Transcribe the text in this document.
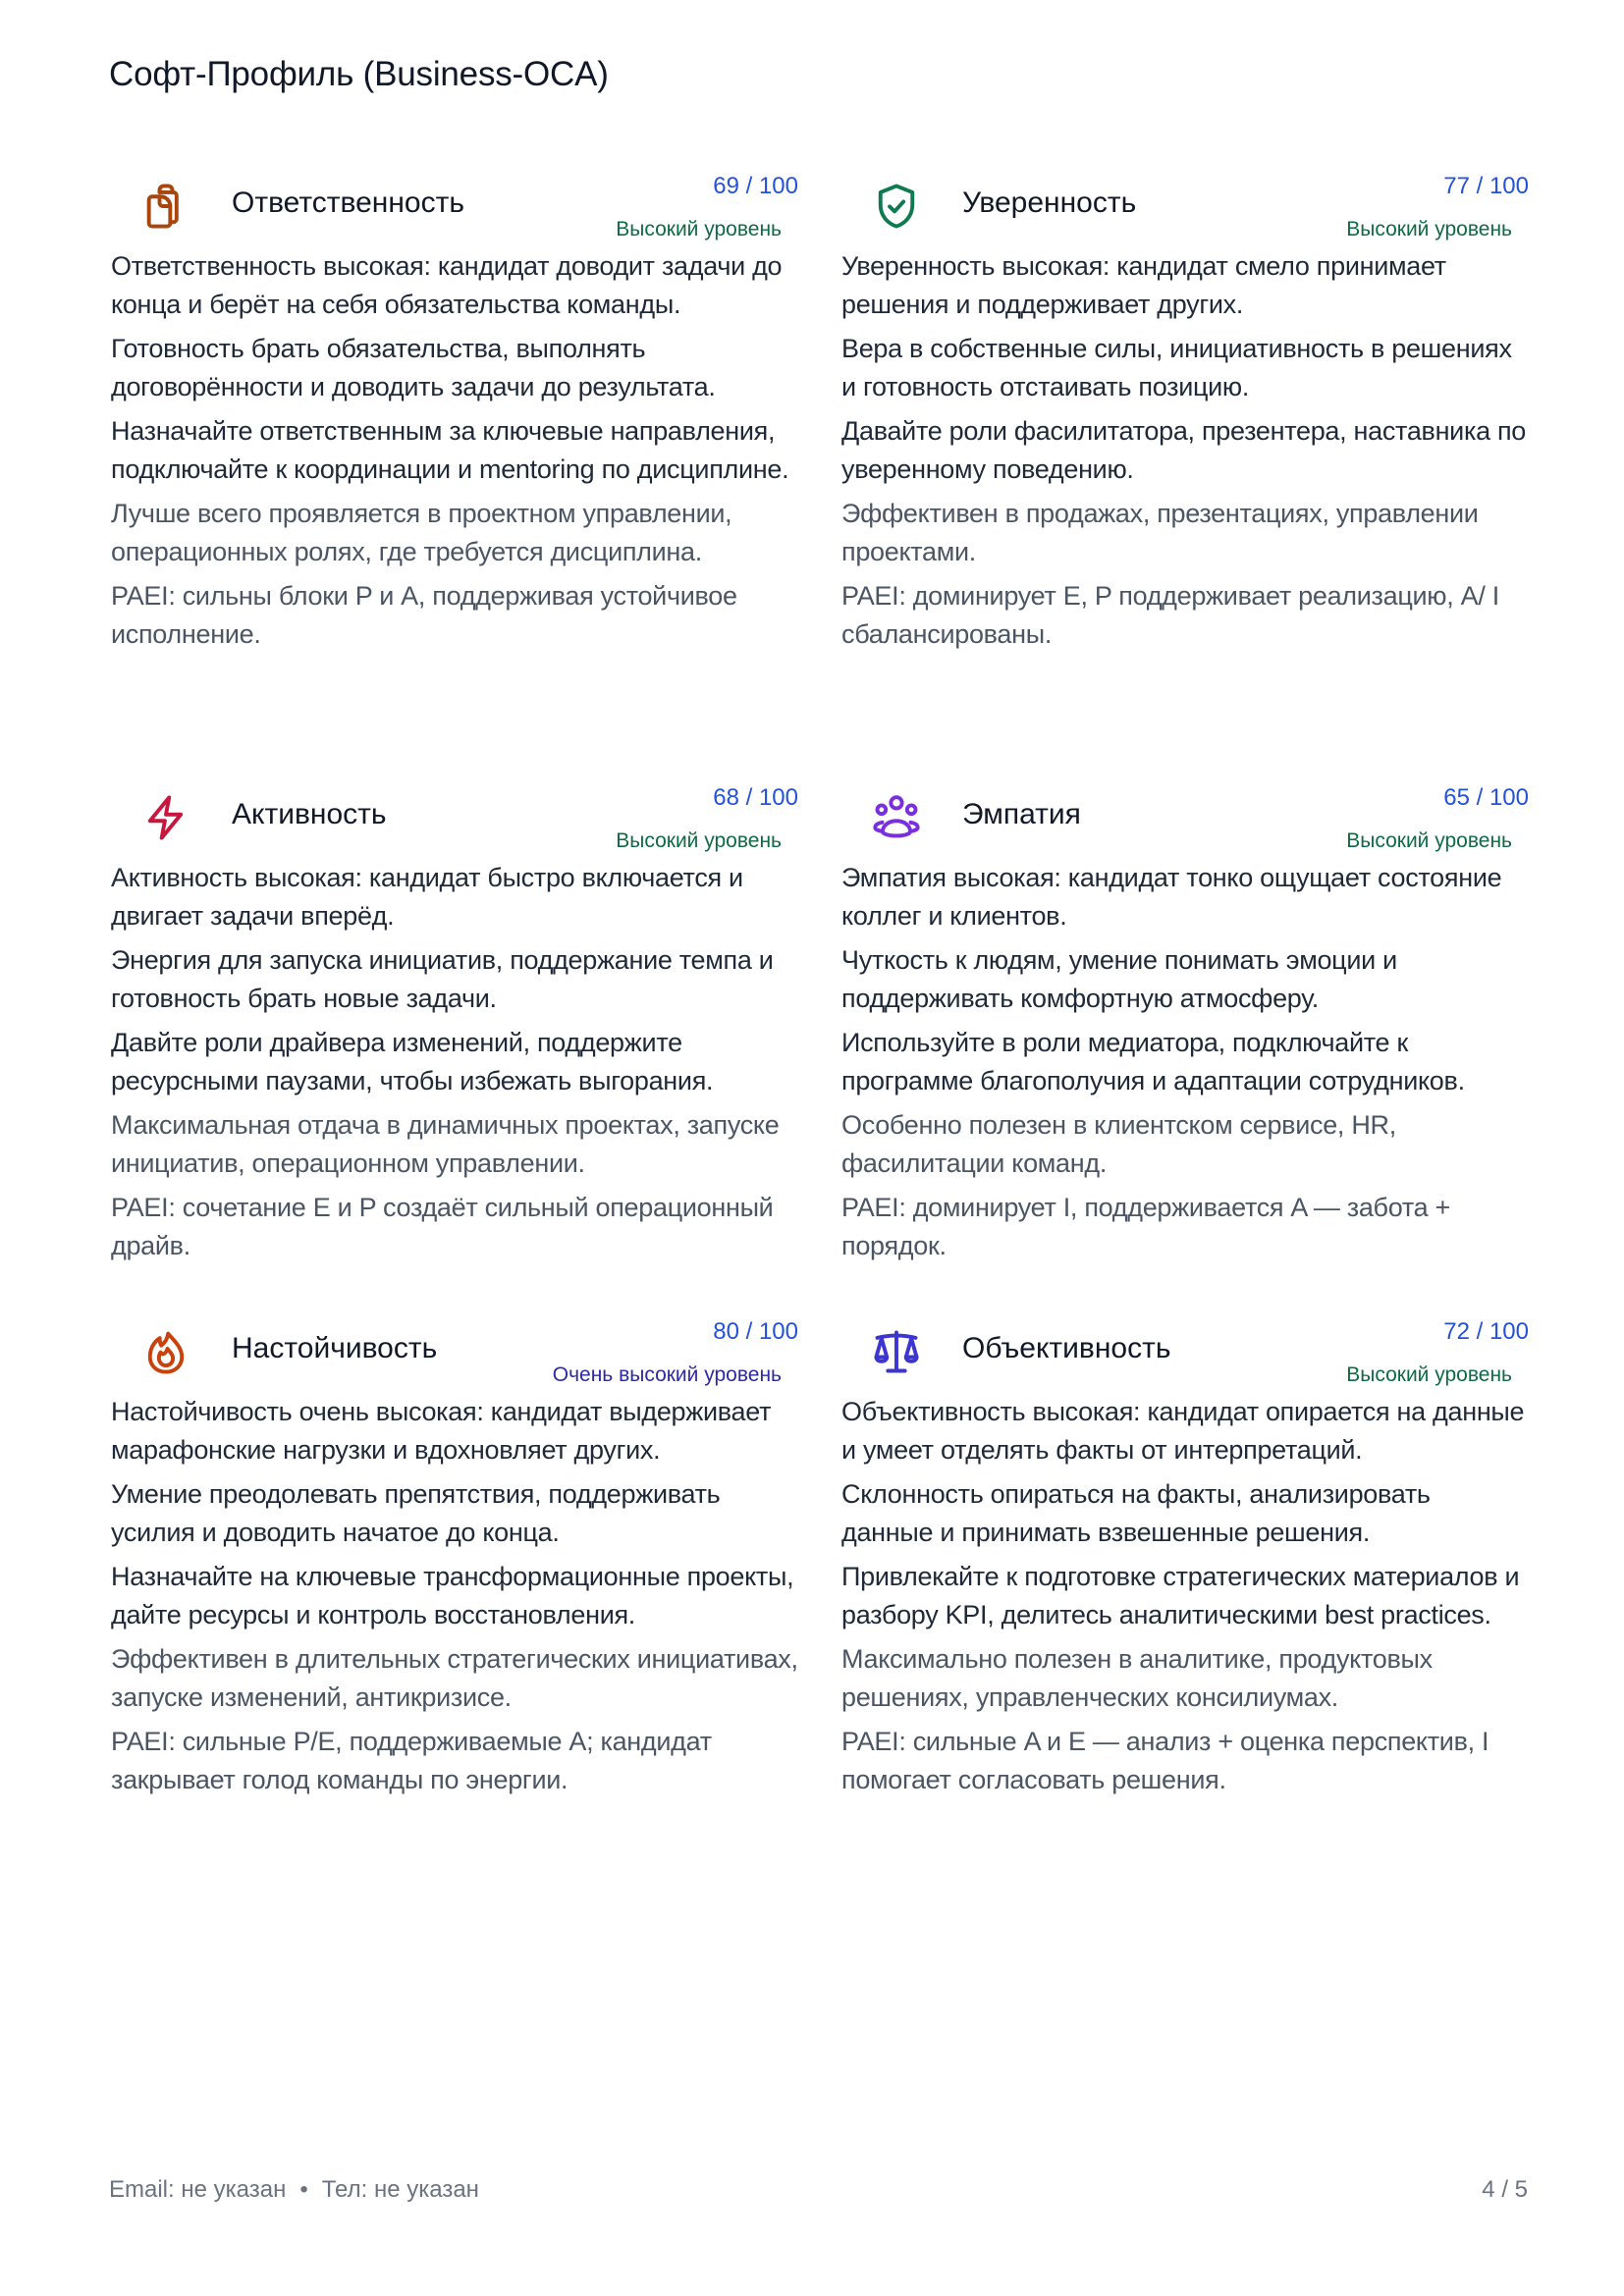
Софт-Профиль (Business-OCA)
Ответственность
69 / 100
Высокий уровень

Ответственность высокая: кандидат доводит задачи до конца и берёт на себя обязательства команды.

Готовность брать обязательства, выполнять договорённости и доводить задачи до результата.

Назначайте ответственным за ключевые направления, подключайте к координации и mentoring по дисциплине.

Лучше всего проявляется в проектном управлении, операционных ролях, где требуется дисциплина.

PAEI: сильны блоки P и A, поддерживая устойчивое исполнение.

Уверенность
77 / 100
Высокий уровень

Уверенность высокая: кандидат смело принимает решения и поддерживает других.

Вера в собственные силы, инициативность в решениях и готовность отстаивать позицию.

Давайте роли фасилитатора, презентера, наставника по уверенному поведению.

Эффективен в продажах, презентациях, управлении проектами.

PAEI: доминирует E, P поддерживает реализацию, A/ I сбалансированы.

Активность
68 / 100
Высокий уровень

Активность высокая: кандидат быстро включается и двигает задачи вперёд.

Энергия для запуска инициатив, поддержание темпа и готовность брать новые задачи.

Давйте роли драйвера изменений, поддержите ресурсными паузами, чтобы избежать выгорания.

Максимальная отдача в динамичных проектах, запуске инициатив, операционном управлении.

PAEI: сочетание E и P создаёт сильный операционный драйв.

Эмпатия
65 / 100
Высокий уровень

Эмпатия высокая: кандидат тонко ощущает состояние коллег и клиентов.

Чуткость к людям, умение понимать эмоции и поддерживать комфортную атмосферу.

Используйте в роли медиатора, подключайте к программе благополучия и адаптации сотрудников.

Особенно полезен в клиентском сервисе, HR, фасилитации команд.

PAEI: доминирует I, поддерживается A — забота + порядок.

Настойчивость
80 / 100
Очень высокий уровень

Настойчивость очень высокая: кандидат выдерживает марафонские нагрузки и вдохновляет других.

Умение преодолевать препятствия, поддерживать усилия и доводить начатое до конца.

Назначайте на ключевые трансформационные проекты, дайте ресурсы и контроль восстановления.

Эффективен в длительных стратегических инициативах, запуске изменений, антикризисе.

PAEI: сильные P/E, поддерживаемые A; кандидат закрывает голод команды по энергии.

Объективность
72 / 100
Высокий уровень

Объективность высокая: кандидат опирается на данные и умеет отделять факты от интерпретаций.

Склонность опираться на факты, анализировать данные и принимать взвешенные решения.

Привлекайте к подготовке стратегических материалов и разбору KPI, делитесь аналитическими best practices.

Максимально полезен в аналитике, продуктовых решениях, управленческих консилиумах.

PAEI: сильные A и E — анализ + оценка перспектив, I помогает согласовать решения.

Email: не указан • Тел: не указан	4 / 5
